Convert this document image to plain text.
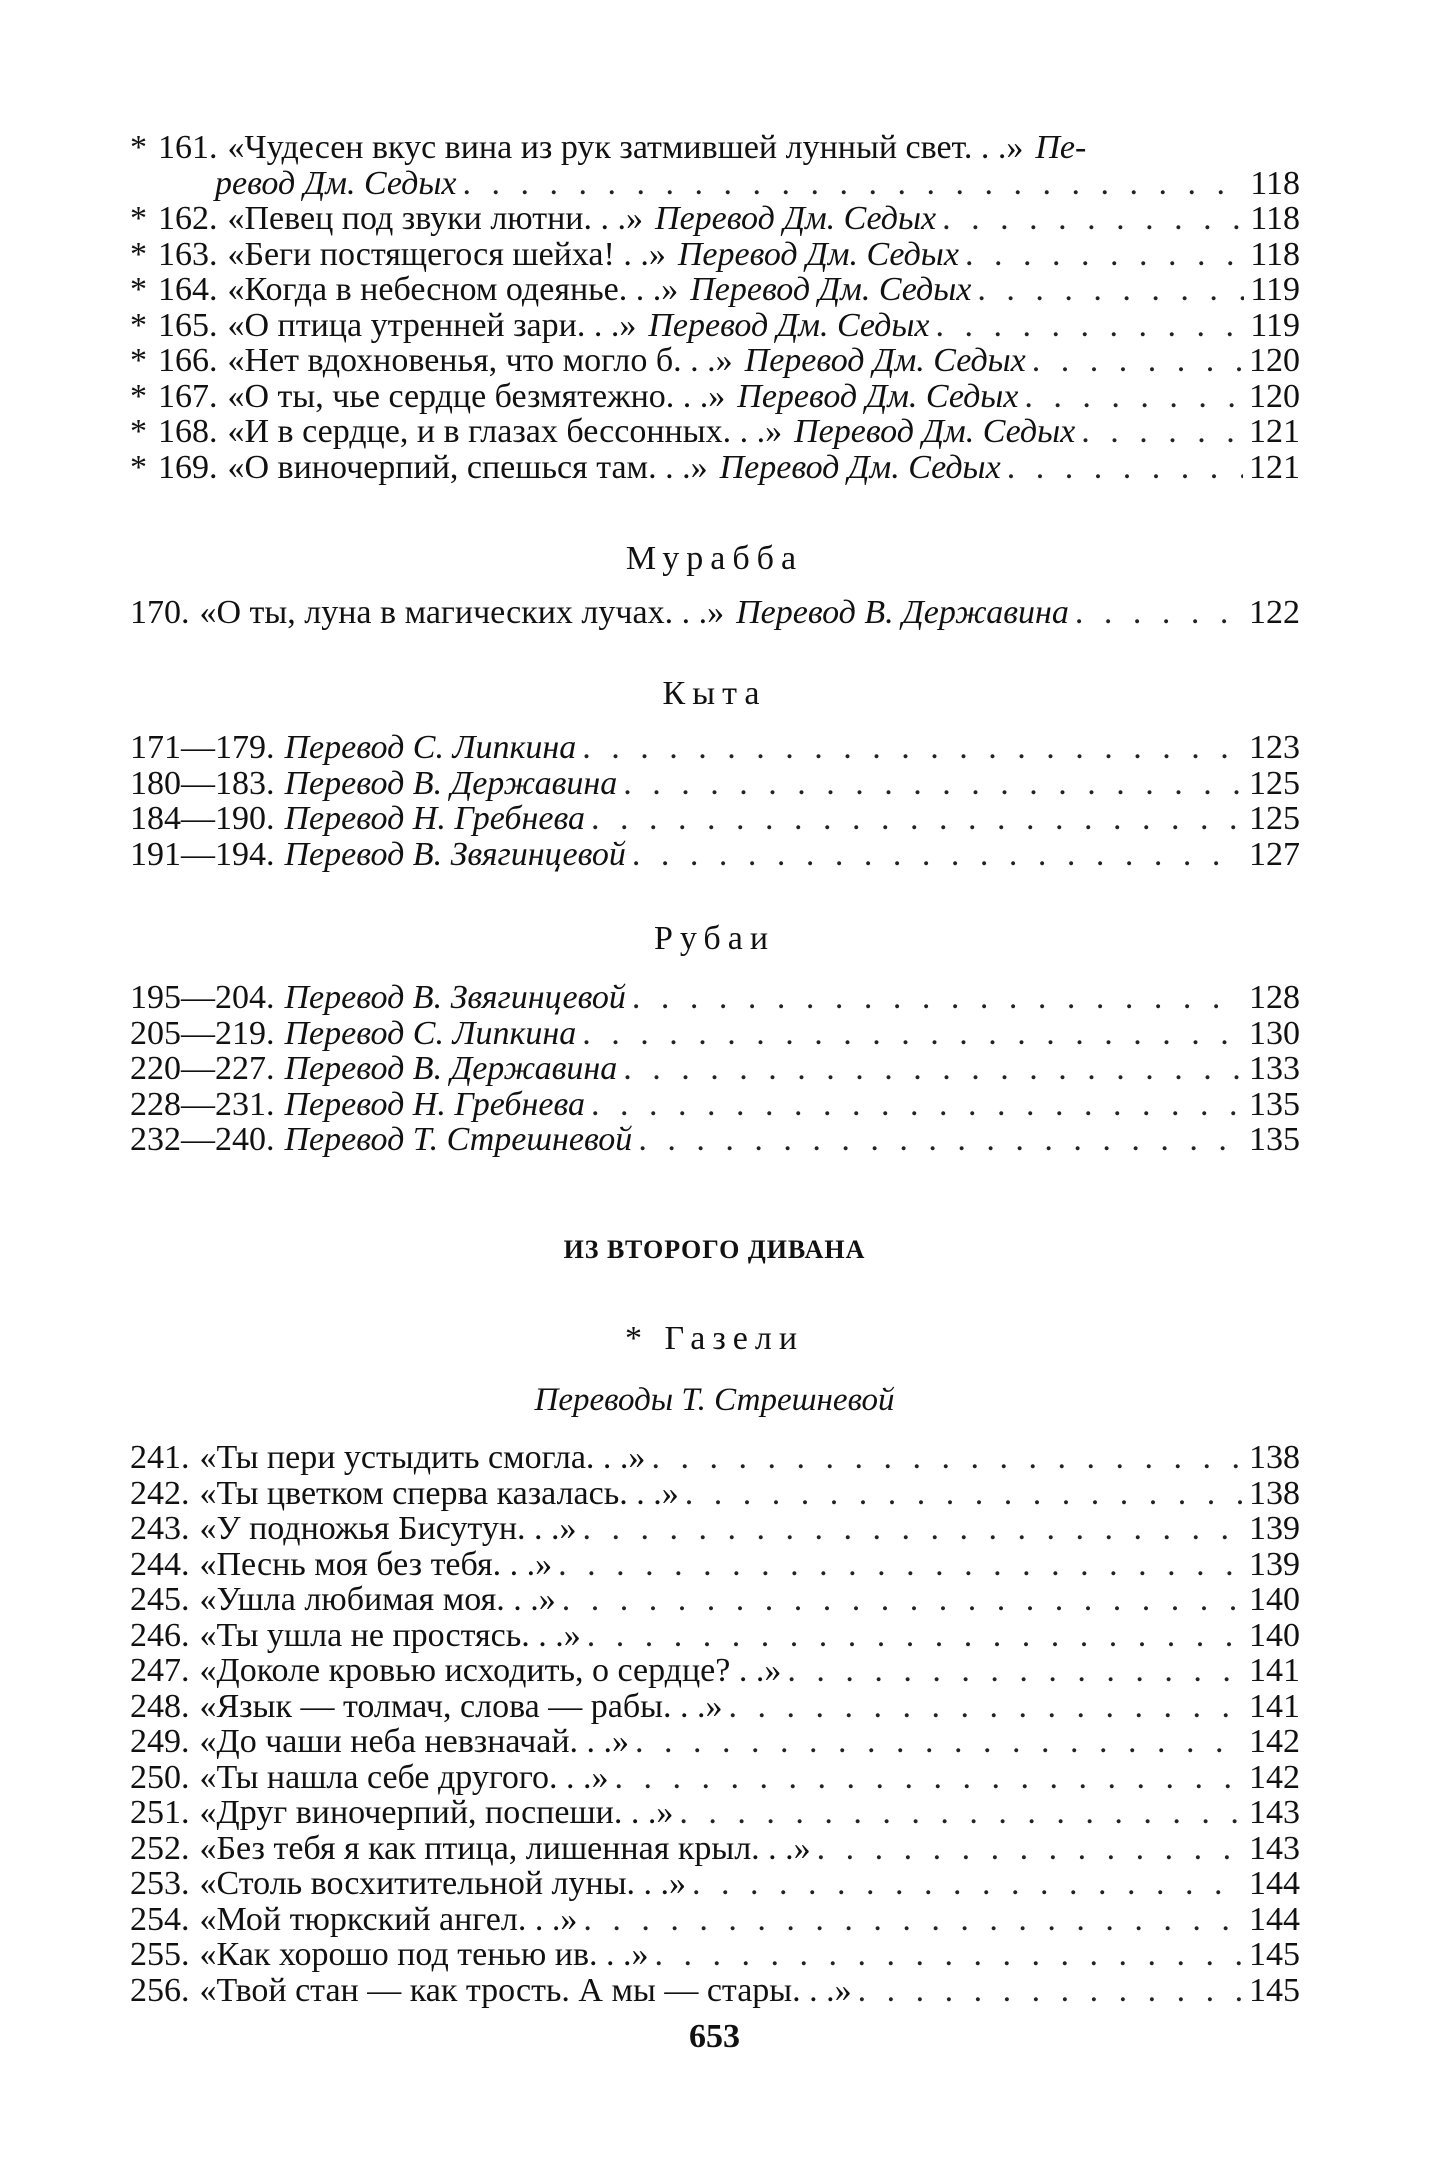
* 161. «Чудесен вкус вина из рук затмившей лунный свет. . .» Пе-
ревод Дм. Седых . . .	118
* 162. «Певец под звуки лютни. . .» Перевод Дм. Седых . . .	118
* 163. «Беги постящегося шейха! . .» Перевод Дм. Седых . . .	118
* 164. «Когда в небесном одеянье. . .» Перевод Дм. Седых . . .	119
* 165. «О птица утренней зари. . .» Перевод Дм. Седых . . .	119
* 166. «Нет вдохновенья, что могло б. . .» Перевод Дм. Седых . . .	120
* 167. «О ты, чье сердце безмятежно. . .» Перевод Дм. Седых . . .	120
* 168. «И в сердце, и в глазах бессонных. . .» Перевод Дм. Седых . . .	121
* 169. «О виночерпий, спешься там. . .» Перевод Дм. Седых . . .	121
Мурабба
170. «О ты, луна в магических лучах. . .» Перевод В. Державина . . .	122
Кыта
171—179. Перевод С. Липкина . . .	123
180—183. Перевод В. Державина . . .	125
184—190. Перевод Н. Гребнева . . .	125
191—194. Перевод В. Звягинцевой . . .	127
Рубаи
195—204. Перевод В. Звягинцевой . . .	128
205—219. Перевод С. Липкина . . .	130
220—227. Перевод В. Державина . . .	133
228—231. Перевод Н. Гребнева . . .	135
232—240. Перевод Т. Стрешневой . . .	135
ИЗ ВТОРОГО ДИВАНА
* Газели
Переводы Т. Стрешневой
241. «Ты пери устыдить смогла. . .» . . .	138
242. «Ты цветком сперва казалась. . .» . . .	138
243. «У подножья Бисутун. . .» . . .	139
244. «Песнь моя без тебя. . .» . . .	139
245. «Ушла любимая моя. . .» . . .	140
246. «Ты ушла не простясь. . .» . . .	140
247. «Доколе кровью исходить, о сердце? . .» . . .	141
248. «Язык — толмач, слова — рабы. . .» . . .	141
249. «До чаши неба невзначай. . .» . . .	142
250. «Ты нашла себе другого. . .» . . .	142
251. «Друг виночерпий, поспеши. . .» . . .	143
252. «Без тебя я как птица, лишенная крыл. . .» . . .	143
253. «Столь восхитительной луны. . .» . . .	144
254. «Мой тюркский ангел. . .» . . .	144
255. «Как хорошо под тенью ив. . .» . . .	145
256. «Твой стан — как трость. А мы — стары. . .» . . .	145
653
